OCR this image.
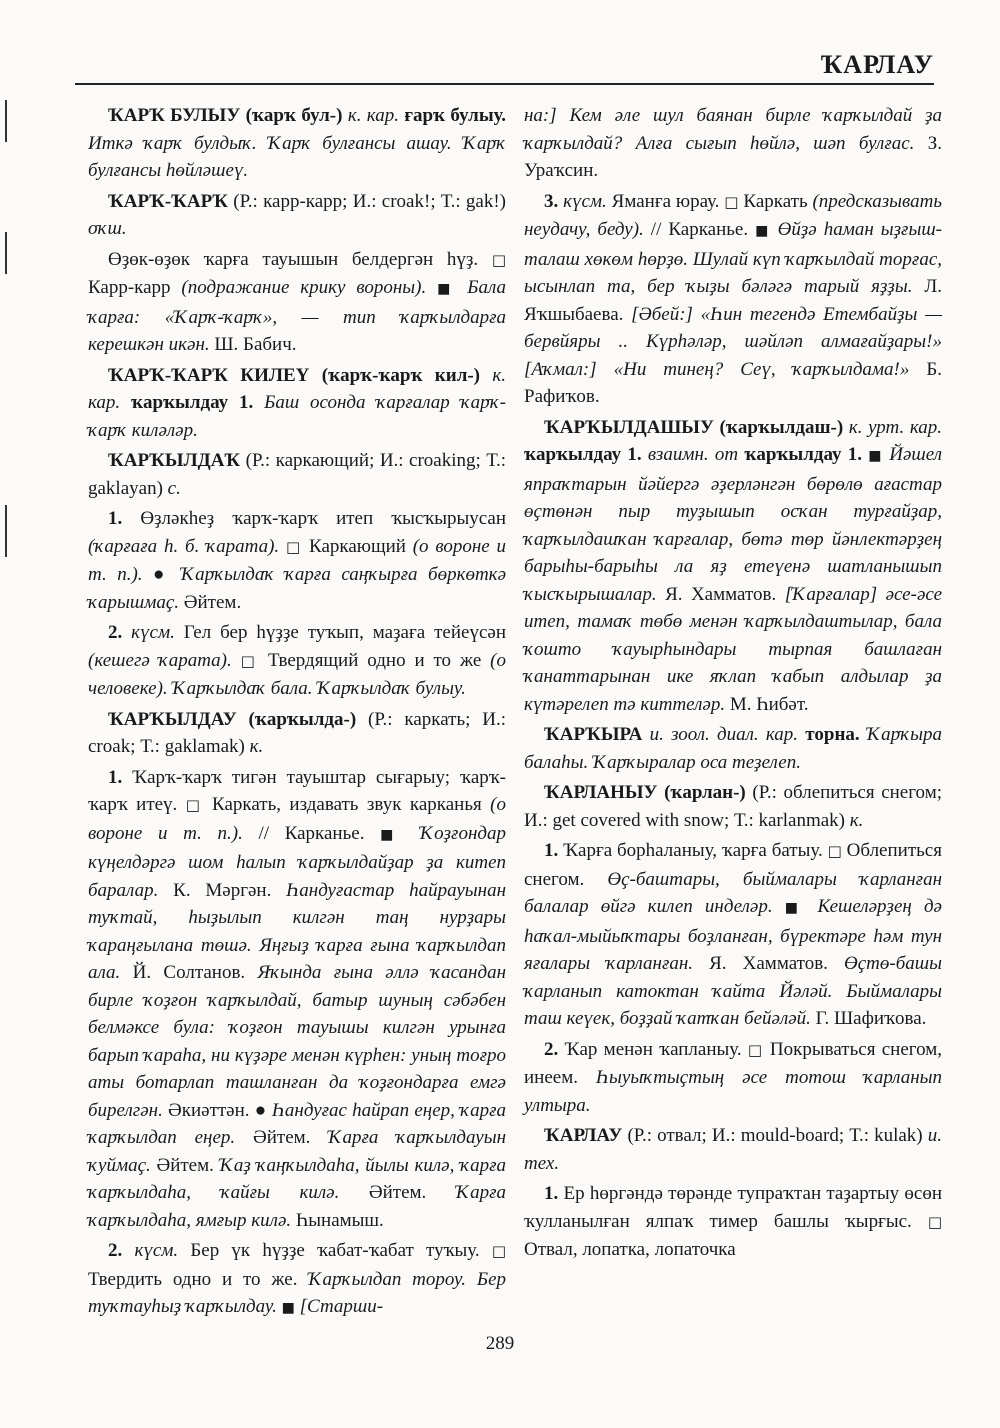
ҠАРЛАУ

ҠАРҠ БУЛЫУ (ҡарҡ бул-) к. кар. ғарҡ булыу. Иткә ҡарҡ булдыҡ. Ҡарҡ булғансы ашау. Ҡарҡ булғансы һөйләшеү.

ҠАРҠ-ҠАРҠ (Р.: карр-карр; И.: croak!; Т.: gak!) оҡш.

Өҙөк-өҙөк ҡарға тауышын белдергән һүҙ. □ Карр-карр (подражание крику вороны). ■ Бала ҡарға: «Ҡарҡ-ҡарҡ», — тип ҡарҡылдарға керешкән икән. Ш. Бабич.

ҠАРҠ-ҠАРҠ КИЛЕҮ (ҡарҡ-ҡарҡ кил-) к. кар. ҡарҡылдау 1. Баш осонда ҡарғалар ҡарҡ-ҡарҡ киләләр.

ҠАРҠЫЛДАҠ (Р.: каркающий; И.: croaking; Т.: gaklayan) с.

1. Өҙләкһеҙ ҡарҡ-ҡарҡ итеп ҡысҡырыусан (ҡарғаға һ. б. ҡарата). □ Каркающий (о вороне и т. п.). ● Ҡарҡылдаҡ ҡарға саңҡырға бөркөткә ҡарышмаҫ. Әйтем.

2. күсм. Гел бер һүҙҙе туҡып, маҙаға тейеүсән (кешегә ҡарата). □ Твердящий одно и то же (о человеке). Ҡарҡылдаҡ бала. Ҡарҡылдаҡ булыу.

ҠАРҠЫЛДАУ (ҡарҡылда-) (Р.: каркать; И.: croak; Т.: gaklamak) к.

1. Ҡарҡ-ҡарҡ тигән тауыштар сығарыу; ҡарҡ-ҡарҡ итеү. □ Каркать, издавать звук карканья (о вороне и т. п.). // Карканье. ■ Ҡоҙғондар күңелдәргә шом һалып ҡарҡылдайҙар ҙа китеп баралар. К. Мәргән. Һандуғастар һайрауынан туҡтай, һыҙылып килгән таң нурҙары ҡараңғылана төшә. Яңғыҙ ҡарға ғына ҡарҡылдап ала. Й. Солтанов. Яҡында ғына әллә ҡасандан бирле ҡоҙғон ҡарҡылдай, батыр шуның сәбәбен белмәксе була: ҡоҙғон тауышы килгән урынға барып ҡараһа, ни күҙәре менән күрһен: уның тоғро аты ботарлап ташланған да ҡоҙғондарға емгә бирелгән. Әкиәттән. ● Һандуғас һайрап еңер, ҡарға ҡарҡылдап еңер. Әйтем. Ҡарға ҡарҡылдауын ҡуймаҫ. Әйтем. Ҡаҙ ҡаңҡылдаһа, йылы килә, ҡарға ҡарҡылдаһа, ҡайғы килә. Әйтем. Ҡарға ҡарҡылдаһа, ямғыр килә. Һынамыш.

2. күсм. Бер үк һүҙҙе ҡабат-ҡабат туҡыу. □ Твердить одно и то же. Ҡарҡылдап тороу. Бер туҡтауһыҙ ҡарҡылдау. ■ [Старши-

на:] Кем әле шул баянан бирле ҡарҡылдай ҙа ҡарҡылдай? Алға сығып һөйлә, шәп булғас. З. Ураҡсин.

3. күсм. Яманға юрау. □ Каркать (предсказывать неудачу, беду). // Карканье. ■ Өйҙә һаман ыҙғыш-талаш хөкөм һөрҙө. Шулай күп ҡарҡылдай торғас, ысынлап та, бер ҡыҙы бәләгә тарый яҙҙы. Л. Яҡшыбаева. [Әбей:] «Һин тегендә Етембайҙы — бервйяры .. Күрһәләр, шәйләп алмағайҙары!» [Аҡмал:] «Ни тинең? Сеү, ҡарҡылдама!» Б. Рафиҡов.

ҠАРҠЫЛДАШЫУ (ҡарҡылдаш-) к. урт. кар. ҡарҡылдау 1. взаимн. от ҡарҡылдау 1. ■ Йәшел япраҡтарын йәйергә әҙерләнгән бөрөлө ағастар өҫтөнән пыр туҙышып осҡан турғайҙар, ҡарҡылдашҡан ҡарғалар, бөтә төр йәнлектәрҙең барыһы-барыһы ла яҙ етеүенә шатланышып ҡысҡырышалар. Я. Хамматов. [Ҡарғалар] әсе-әсе итеп, тамаҡ төбө менән ҡарҡылдаштылар, бала ҡошто ҡауырһындары тырпая башлаған ҡанаттарынан ике яҡлап ҡабып алдылар ҙа күтәрелеп тә киттеләр. М. Һибәт.

ҠАРҠЫРА и. зоол. диал. кар. торна. Ҡарҡыра балаһы. Ҡарҡыралар оса теҙелеп.

ҠАРЛАНЫУ (ҡарлан-) (Р.: облепиться снегом; И.: get covered with snow; Т.: karlanmak) к.

1. Ҡарға борһаланыу, ҡарға батыу. □ Облепиться снегом. Өҫ-баштары, быймалары ҡарланған балалар өйгә килеп инделәр. ■ Кешеләрҙең дә һаҡал-мыйыҡтары боҙланған, бүректәре һәм тун яғалары ҡарланған. Я. Хамматов. Өҫтө-башы ҡарланып катоктан ҡайта Йәләй. Быймалары таш кеүек, боҙҙай ҡатҡан бейәләй. Г. Шафиҡова.

2. Ҡар менән ҡапланыу. □ Покрываться снегом, инеем. Һыуыҡтыҫтың әсе тотош ҡарланып ултыра.

ҠАРЛАУ (Р.: отвал; И.: mould-board; Т.: kulak) и. тех.

1. Ер һөргәндә төрәнде тупраҡтан таҙартыу өсөн ҡулланылған ялпаҡ тимер башлы ҡырғыс. □ Отвал, лопатка, лопаточка

289
